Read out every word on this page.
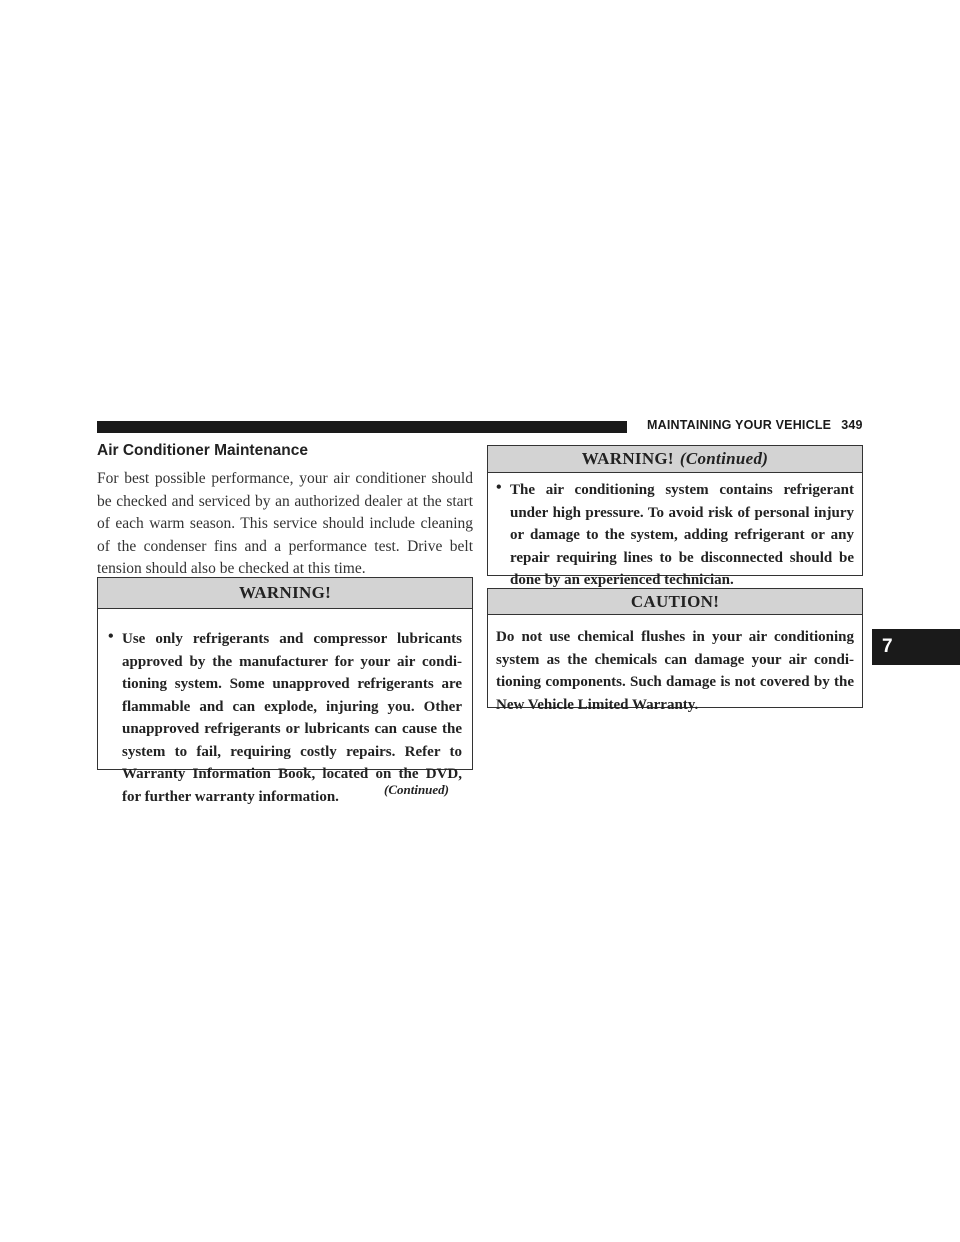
MAINTAINING YOUR VEHICLE 349
7
Air Conditioner Maintenance
For best possible performance, your air conditioner should be checked and serviced by an authorized dealer at the start of each warm season. This service should include cleaning of the condenser fins and a performance test. Drive belt tension should also be checked at this time.
WARNING!
• Use only refrigerants and compressor lubricants approved by the manufacturer for your air condi-tioning system. Some unapproved refrigerants are flammable and can explode, injuring you. Other unapproved refrigerants or lubricants can cause the system to fail, requiring costly repairs. Refer to Warranty Information Book, located on the DVD, for further warranty information.	(Continued)
WARNING! (Continued)
• The air conditioning system contains refrigerant under high pressure. To avoid risk of personal injury or damage to the system, adding refrigerant or any repair requiring lines to be disconnected should be done by an experienced technician.
CAUTION!
Do not use chemical flushes in your air conditioning system as the chemicals can damage your air condi-tioning components. Such damage is not covered by the New Vehicle Limited Warranty.
